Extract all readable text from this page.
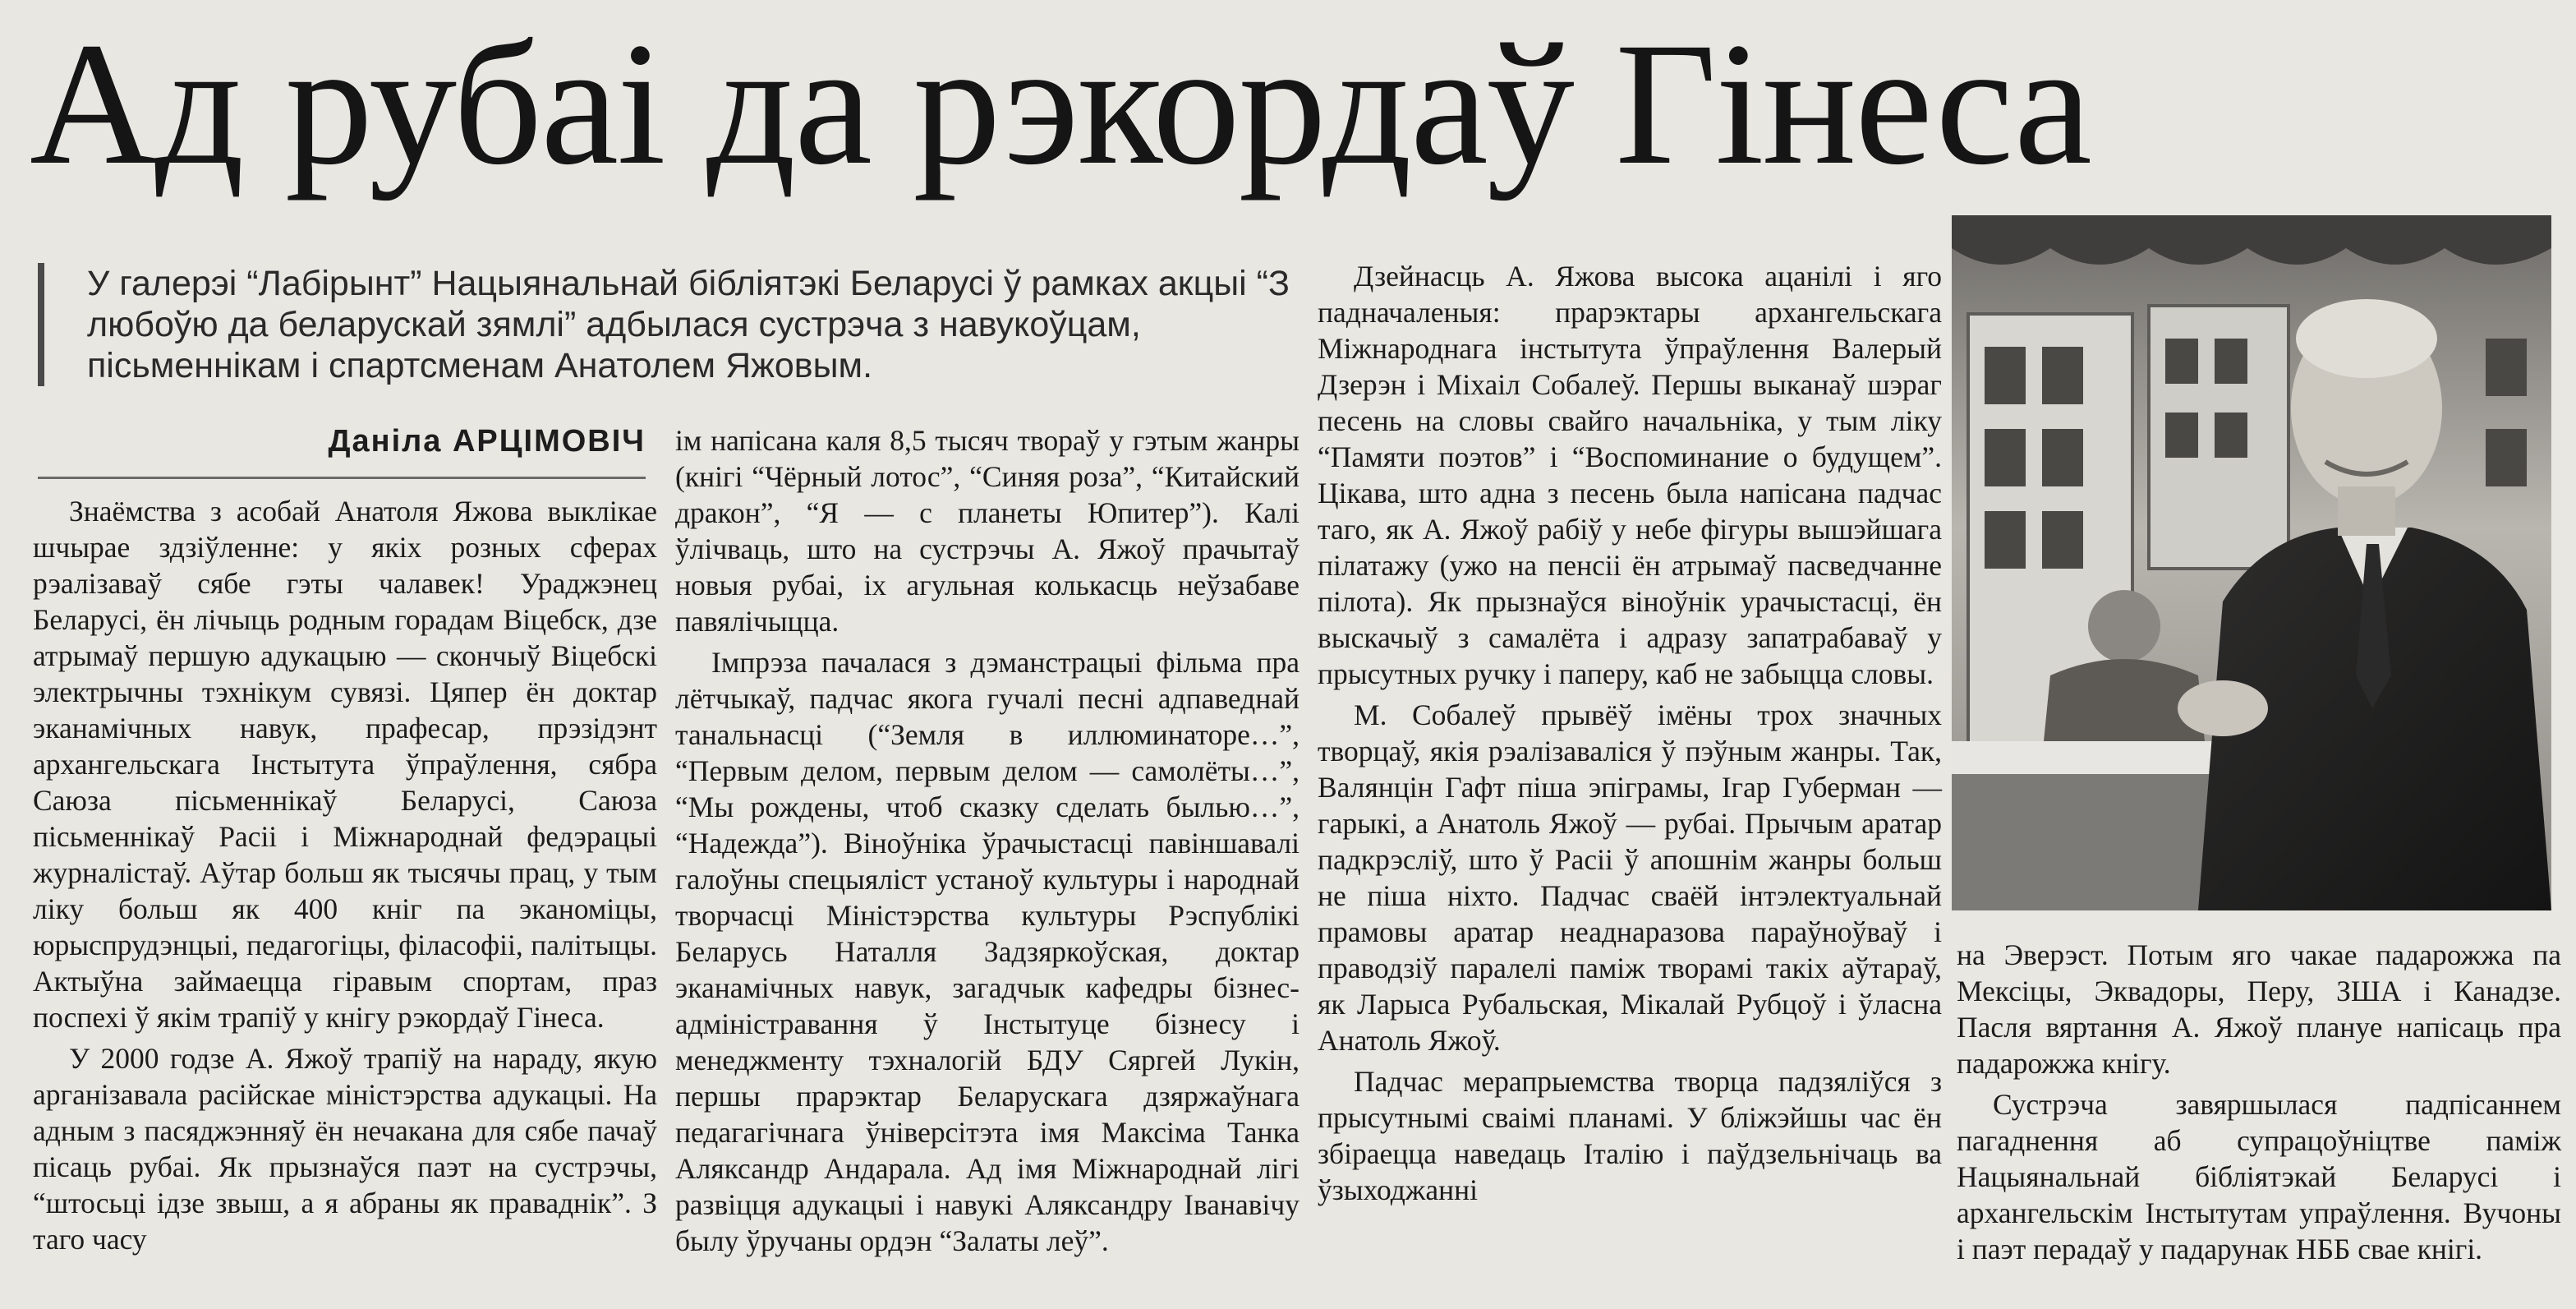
Ад рубаі да рэкордаў Гінеса

У галерэі “Лабірынт” Нацыянальнай бібліятэкі Беларусі ў рамках акцыі “З любоўю да беларускай зямлі” адбылася сустрэча з навукоўцам, пісьменнікам і спартсменам Анатолем Яжовым.

Даніла АРЦІМОВІЧ

Знаёмства з асобай Анатоля Яжова выклікае шчырае здзіўленне: у якіх розных сферах рэалізаваў сябе гэты чалавек! Ураджэнец Беларусі, ён лічыць родным горадам Віцебск, дзе атрымаў першую адукацыю — скончыў Віцебскі электрычны тэхнікум сувязі. Цяпер ён доктар эканамічных навук, прафесар, прэзідэнт архангельскага Інстытута ўпраўлення, сябра Саюза пісьменнікаў Беларусі, Саюза пісьменнікаў Расіі і Міжнароднай федэрацыі журналістаў. Аўтар больш як тысячы прац, у тым ліку больш як 400 кніг па эканоміцы, юрыспрудэнцыі, педагогіцы, філасофіі, палітыцы. Актыўна займаецца гіравым спортам, праз поспехі ў якім трапіў у кнігу рэкордаў Гінеса.

У 2000 годзе А. Яжоў трапіў на нараду, якую арганізавала расійскае міністэрства адукацыі. На адным з пасяджэнняў ён нечакана для сябе пачаў пісаць рубаі. Як прызнаўся паэт на сустрэчы, “штосьці ідзе звыш, а я абраны як праваднік”. З таго часу

ім напісана каля 8,5 тысяч твораў у гэтым жанры (кнігі “Чёрный лотос”, “Синяя роза”, “Китайский дракон”, “Я — с планеты Юпитер”). Калі ўлічваць, што на сустрэчы А. Яжоў прачытаў новыя рубаі, іх агульная колькасць неўзабаве павялічыцца.

Імпрэза пачалася з дэманстрацыі фільма пра лётчыкаў, падчас якога гучалі песні адпаведнай танальнасці (“Земля в иллюминаторе…”, “Первым делом, первым делом — самолёты…”, “Мы рождены, чтоб сказку сделать былью…”, “Надежда”). Віноўніка ўрачыстасці павіншавалі галоўны спецыяліст устаноў культуры і народнай творчасці Міністэрства культуры Рэспублікі Беларусь Наталля Задзяркоўская, доктар эканамічных навук, загадчык кафедры бізнес-адміністравання ў Інстытуце бізнесу і менеджменту тэхналогій БДУ Сяргей Лукін, першы прарэктар Беларускага дзяржаўнага педагагічнага ўніверсітэта імя Максіма Танка Аляксандр Андарала. Ад імя Міжнароднай лігі развіцця адукацыі і навукі Аляксандру Іванавічу былу ўручаны ордэн “Залаты леў”.

Дзейнасць А. Яжова высока ацанілі і яго падначаленыя: прарэктары архангельскага Міжнароднага інстытута ўпраўлення Валерый Дзерэн і Міхаіл Собалеў. Першы выканаў шэраг песень на словы свайго начальніка, у тым ліку “Памяти поэтов” і “Воспоминание о будущем”. Цікава, што адна з песень была напісана падчас таго, як А. Яжоў рабіў у небе фігуры вышэйшага пілатажу (ужо на пенсіі ён атрымаў пасведчанне пілота). Як прызнаўся віноўнік урачыстасці, ён выскачыў з самалёта і адразу запатрабаваў у прысутных ручку і паперу, каб не забыцца словы.

М. Собалеў прывёў імёны трох значных творцаў, якія рэалізаваліся ў пэўным жанры. Так, Валянцін Гафт піша эпіграмы, Ігар Губерман — гарыкі, а Анатоль Яжоў — рубаі. Прычым аратар падкрэсліў, што ў Расіі ў апошнім жанры больш не піша ніхто. Падчас сваёй інтэлектуальнай прамовы аратар неаднаразова параўноўваў і праводзіў паралелі паміж творамі такіх аўтараў, як Ларыса Рубальская, Мікалай Рубцоў і ўласна Анатоль Яжоў.

Падчас мерапрыемства творца падзяліўся з прысутнымі сваімі планамі. У бліжэйшы час ён збіраецца наведаць Італію і паўдзельнічаць ва ўзыходжанні

на Эверэст. Потым яго чакае падарожжа па Мексіцы, Эквадоры, Перу, ЗША і Канадзе. Пасля вяртання А. Яжоў плануе напісаць пра падарожжа кнігу.

Сустрэча завяршылася падпісаннем пагаднення аб супрацоўніцтве паміж Нацыянальнай бібліятэкай Беларусі і архангельскім Інстытутам упраўлення. Вучоны і паэт перадаў у падарунак НББ свае кнігі.
